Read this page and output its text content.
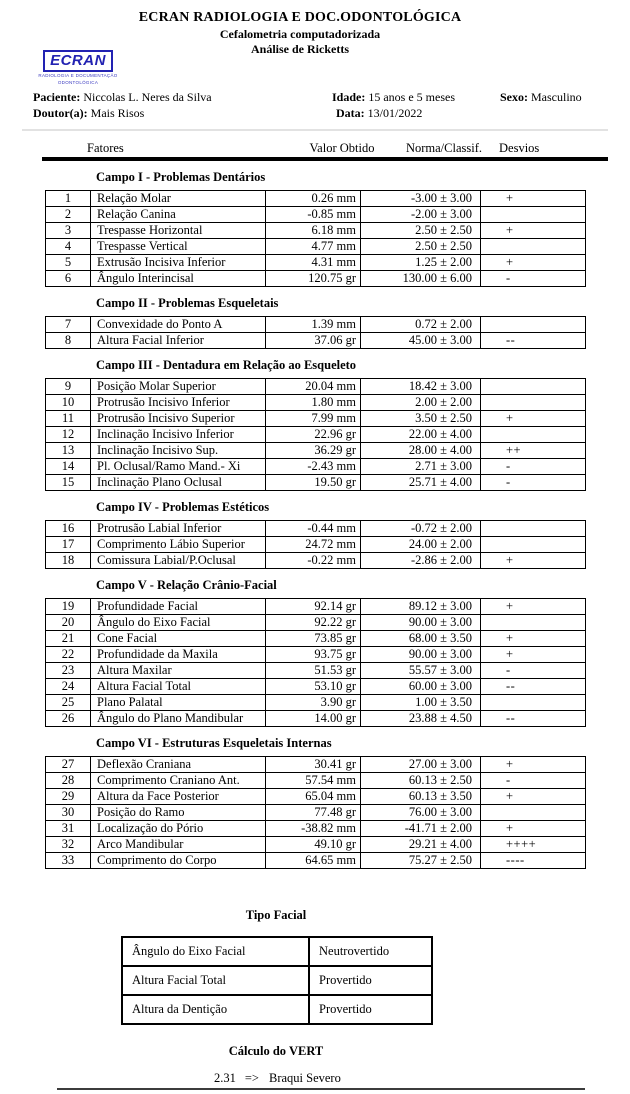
ECRAN
RADIOLOGIA E DOCUMENTAÇÃO
ODONTOLÓGICA
ECRAN RADIOLOGIA E DOC.ODONTOLÓGICA
Cefalometria computadorizada
Análise de Ricketts
Paciente: Niccolas L. Neres da Silva	Idade: 15 anos e 5 meses	Sexo: Masculino
Doutor(a): Mais Risos	Data: 13/01/2022
Fatores	Valor Obtido	Norma/Classif.	Desvios
Campo I - Problemas Dentários
1	Relação Molar	0.26 mm	-3.00 ± 3.00	+
2	Relação Canina	-0.85 mm	-2.00 ± 3.00	
3	Trespasse Horizontal	6.18 mm	2.50 ± 2.50	+
4	Trespasse Vertical	4.77 mm	2.50 ± 2.50	
5	Extrusão Incisiva Inferior	4.31 mm	1.25 ± 2.00	+
6	Ângulo Interincisal	120.75 gr	130.00 ± 6.00	-
Campo II - Problemas Esqueletais
7	Convexidade do Ponto A	1.39 mm	0.72 ± 2.00	
8	Altura Facial Inferior	37.06 gr	45.00 ± 3.00	--
Campo III - Dentadura em Relação ao Esqueleto
9	Posição Molar Superior	20.04 mm	18.42 ± 3.00	
10	Protrusão Incisivo Inferior	1.80 mm	2.00 ± 2.00	
11	Protrusão Incisivo Superior	7.99 mm	3.50 ± 2.50	+
12	Inclinação Incisivo Inferior	22.96 gr	22.00 ± 4.00	
13	Inclinação Incisivo Sup.	36.29 gr	28.00 ± 4.00	++
14	Pl. Oclusal/Ramo Mand.- Xi	-2.43 mm	2.71 ± 3.00	-
15	Inclinação Plano Oclusal	19.50 gr	25.71 ± 4.00	-
Campo IV - Problemas Estéticos
16	Protrusão Labial Inferior	-0.44 mm	-0.72 ± 2.00	
17	Comprimento Lábio Superior	24.72 mm	24.00 ± 2.00	
18	Comissura Labial/P.Oclusal	-0.22 mm	-2.86 ± 2.00	+
Campo V - Relação Crânio-Facial
19	Profundidade Facial	92.14 gr	89.12 ± 3.00	+
20	Ângulo do Eixo Facial	92.22 gr	90.00 ± 3.00	
21	Cone Facial	73.85 gr	68.00 ± 3.50	+
22	Profundidade da Maxila	93.75 gr	90.00 ± 3.00	+
23	Altura Maxilar	51.53 gr	55.57 ± 3.00	-
24	Altura Facial Total	53.10 gr	60.00 ± 3.00	--
25	Plano Palatal	3.90 gr	1.00 ± 3.50	
26	Ângulo do Plano Mandibular	14.00 gr	23.88 ± 4.50	--
Campo VI - Estruturas Esqueletais Internas
27	Deflexão Craniana	30.41 gr	27.00 ± 3.00	+
28	Comprimento Craniano Ant.	57.54 mm	60.13 ± 2.50	-
29	Altura da Face Posterior	65.04 mm	60.13 ± 3.50	+
30	Posição do Ramo	77.48 gr	76.00 ± 3.00	
31	Localização do Pório	-38.82 mm	-41.71 ± 2.00	+
32	Arco Mandibular	49.10 gr	29.21 ± 4.00	++++
33	Comprimento do Corpo	64.65 mm	75.27 ± 2.50	----
Tipo Facial
Ângulo do Eixo Facial	Neutrovertido
Altura Facial Total	Provertido
Altura da Dentição	Provertido
Cálculo do VERT
2.31 => Braqui Severo
